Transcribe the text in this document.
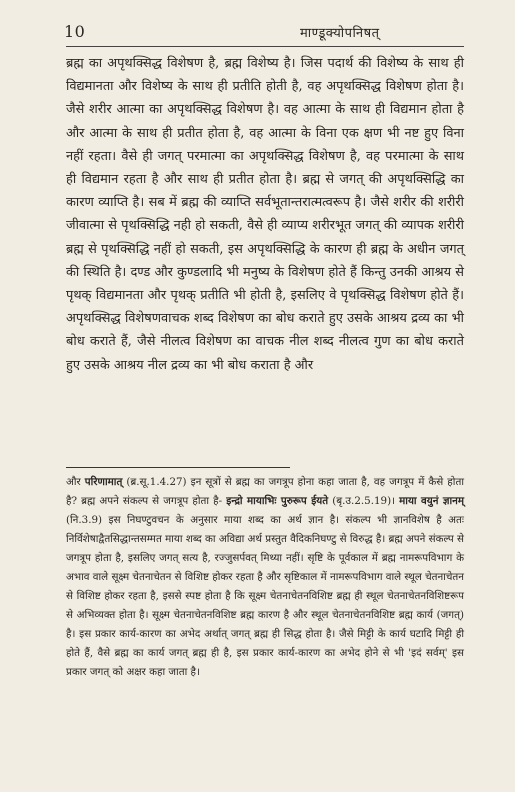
10	माण्डूक्योपनिषत्

ब्रह्म का अपृथक्सिद्ध विशेषण है, ब्रह्म विशेष्य है। जिस पदार्थ की विशेष्य के साथ ही विद्यमानता और विशेष्य के साथ ही प्रतीति होती है, वह अपृथक्सिद्ध विशेषण होता है। जैसे शरीर आत्मा का अपृथक्सिद्ध विशेषण है। वह आत्मा के साथ ही विद्यमान होता है और आत्मा के साथ ही प्रतीत होता है, वह आत्मा के विना एक क्षण भी नष्ट हुए विना नहीं रहता। वैसे ही जगत् परमात्मा का अपृथक्सिद्ध विशेषण है, वह परमात्मा के साथ ही विद्यमान रहता है और साथ ही प्रतीत होता है। ब्रह्म से जगत् की अपृथक्सिद्धि का कारण व्याप्ति है। सब में ब्रह्म की व्याप्ति सर्वभूतान्तरात्मत्वरूप है। जैसे शरीर की शरीरी जीवात्मा से पृथक्सिद्धि नही हो सकती, वैसे ही व्याप्य शरीरभूत जगत् की व्यापक शरीरी ब्रह्म से पृथक्सिद्धि नहीं हो सकती, इस अपृथक्सिद्धि के कारण ही ब्रह्म के अधीन जगत् की स्थिति है। दण्ड और कुण्डलादि भी मनुष्य के विशेषण होते हैं किन्तु उनकी आश्रय से पृथक् विद्यमानता और पृथक् प्रतीति भी होती है, इसलिए वे पृथक्सिद्ध विशेषण होते हैं। अपृथक्सिद्ध विशेषणवाचक शब्द विशेषण का बोध कराते हुए उसके आश्रय द्रव्य का भी बोध कराते हैं, जैसे नीलत्व विशेषण का वाचक नील शब्द नीलत्व गुण का बोध कराते हुए उसके आश्रय नील द्रव्य का भी बोध कराता है और

और परिणामात् (ब्र.सू.1.4.27) इन सूत्रों से ब्रह्म का जगत्रूप होना कहा जाता है, वह जगत्रूप में कैसे होता है? ब्रह्म अपने संकल्प से जगत्रूप होता है- इन्द्रो मायाभिः पुरुरूप ईयते (बृ.उ.2.5.19)। माया वयुनं ज्ञानम् (नि.3.9) इस निघण्टुवचन के अनुसार माया शब्द का अर्थ ज्ञान है। संकल्प भी ज्ञानविशेष है अतः निर्विशेषाद्वैतसिद्धान्तसम्मत माया शब्द का अविद्या अर्थ प्रस्तुत वैदिकनिघण्टु से विरुद्ध है। ब्रह्म अपने संकल्प से जगत्रूप होता है, इसलिए जगत् सत्य है, रज्जुसर्पवत् मिथ्या नहीं। सृष्टि के पूर्वकाल में ब्रह्म नामरूपविभाग के अभाव वाले सूक्ष्म चेतनाचेतन से विशिष्ट होकर रहता है और सृष्टिकाल में नामरूपविभाग वाले स्थूल चेतनाचेतन से विशिष्ट होकर रहता है, इससे स्पष्ट होता है कि सूक्ष्म चेतनाचेतनविशिष्ट ब्रह्म ही स्थूल चेतनाचेतनविशिष्टरूप से अभिव्यक्त होता है। सूक्ष्म चेतनाचेतनविशिष्ट ब्रह्म कारण है और स्थूल चेतनाचेतनविशिष्ट ब्रह्म कार्य (जगत्) है। इस प्रकार कार्य-कारण का अभेद अर्थात् जगत् ब्रह्म ही सिद्ध होता है। जैसे मिट्टी के कार्य घटादि मिट्टी ही होते हैं, वैसे ब्रह्म का कार्य जगत् ब्रह्म ही है, इस प्रकार कार्य-कारण का अभेद होने से भी 'इदं सर्वम्' इस प्रकार जगत् को अक्षर कहा जाता है।
